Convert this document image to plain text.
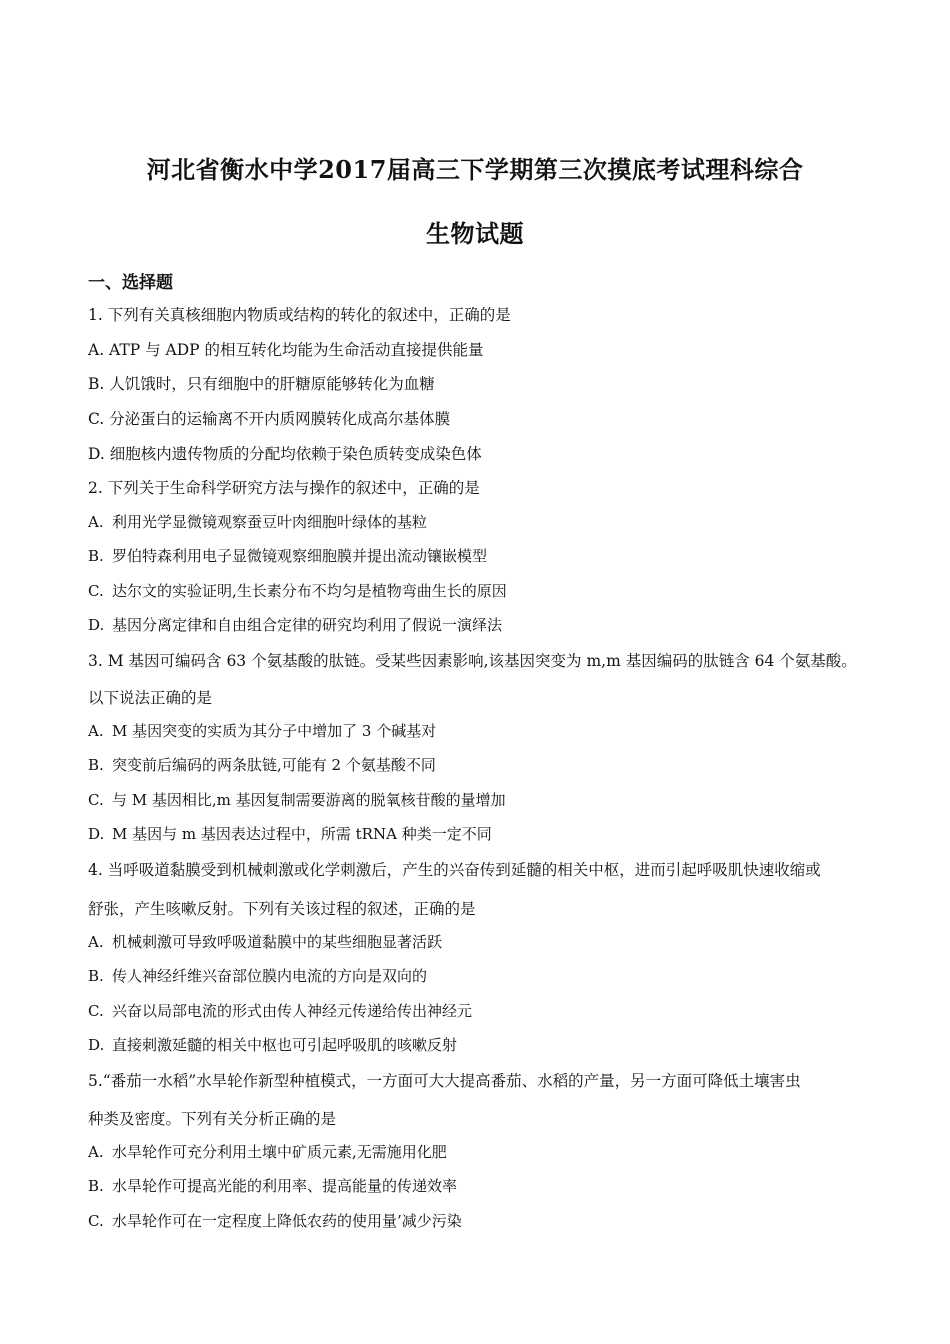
河北省衡水中学2017届高三下学期第三次摸底考试理科综合
生物试题
一、选择题
1. 下列有关真核细胞内物质或结构的转化的叙述中，正确的是
A. ATP 与 ADP 的相互转化均能为生命活动直接提供能量
B. 人饥饿时，只有细胞中的肝糖原能够转化为血糖
C. 分泌蛋白的运输离不开内质网膜转化成高尔基体膜
D. 细胞核内遗传物质的分配均依赖于染色质转变成染色体
2. 下列关于生命科学研究方法与操作的叙述中，正确的是
A. 利用光学显微镜观察蚕豆叶肉细胞叶绿体的基粒
B. 罗伯特森利用电子显微镜观察细胞膜并提出流动镶嵌模型
C. 达尔文的实验证明,生长素分布不均匀是植物弯曲生长的原因
D. 基因分离定律和自由组合定律的研究均利用了假说一演绎法
3. M 基因可编码含 63 个氨基酸的肽链。受某些因素影响,该基因突变为 m,m 基因编码的肽链含 64 个氨基酸。
以下说法正确的是
A. M 基因突变的实质为其分子中增加了 3 个碱基对
B. 突变前后编码的两条肽链,可能有 2 个氨基酸不同
C. 与 M 基因相比,m 基因复制需要游离的脱氧核苷酸的量增加
D. M 基因与 m 基因表达过程中，所需 tRNA 种类一定不同
4. 当呼吸道黏膜受到机械刺激或化学刺激后，产生的兴奋传到延髓的相关中枢，进而引起呼吸肌快速收缩或
舒张，产生咳嗽反射。下列有关该过程的叙述，正确的是
A. 机械刺激可导致呼吸道黏膜中的某些细胞显著活跃
B. 传人神经纤维兴奋部位膜内电流的方向是双向的
C. 兴奋以局部电流的形式由传人神经元传递给传出神经元
D. 直接刺激延髓的相关中枢也可引起呼吸肌的咳嗽反射
5.“番茄一水稻”水旱轮作新型种植模式，一方面可大大提高番茄、水稻的产量，另一方面可降低土壤害虫
种类及密度。下列有关分析正确的是
A. 水旱轮作可充分利用土壤中矿质元素,无需施用化肥
B. 水旱轮作可提高光能的利用率、提高能量的传递效率
C. 水旱轮作可在一定程度上降低农药的使用量’减少污染
